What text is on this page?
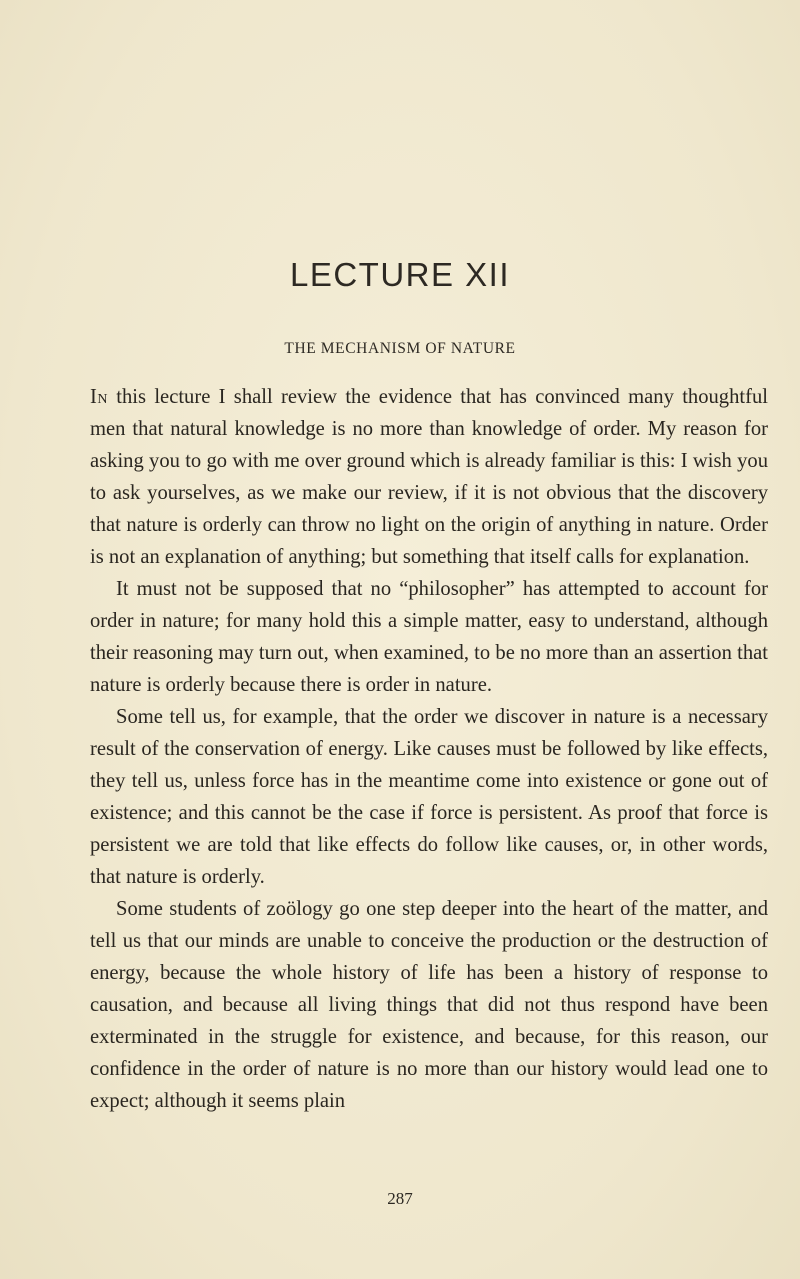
LECTURE XII
THE MECHANISM OF NATURE

In this lecture I shall review the evidence that has convinced many thoughtful men that natural knowledge is no more than knowledge of order. My reason for asking you to go with me over ground which is already familiar is this: I wish you to ask yourselves, as we make our review, if it is not obvious that the discovery that nature is orderly can throw no light on the origin of anything in nature. Order is not an explanation of anything; but something that itself calls for explanation.

It must not be supposed that no “philosopher” has attempted to account for order in nature; for many hold this a simple matter, easy to understand, although their reasoning may turn out, when examined, to be no more than an assertion that nature is orderly because there is order in nature.

Some tell us, for example, that the order we discover in nature is a necessary result of the conservation of energy. Like causes must be followed by like effects, they tell us, unless force has in the meantime come into existence or gone out of existence; and this cannot be the case if force is persistent. As proof that force is persistent we are told that like effects do follow like causes, or, in other words, that nature is orderly.

Some students of zoölogy go one step deeper into the heart of the matter, and tell us that our minds are unable to conceive the production or the destruction of energy, because the whole history of life has been a history of response to causation, and because all living things that did not thus respond have been exterminated in the struggle for existence, and because, for this reason, our confidence in the order of nature is no more than our history would lead one to expect; although it seems plain

287
